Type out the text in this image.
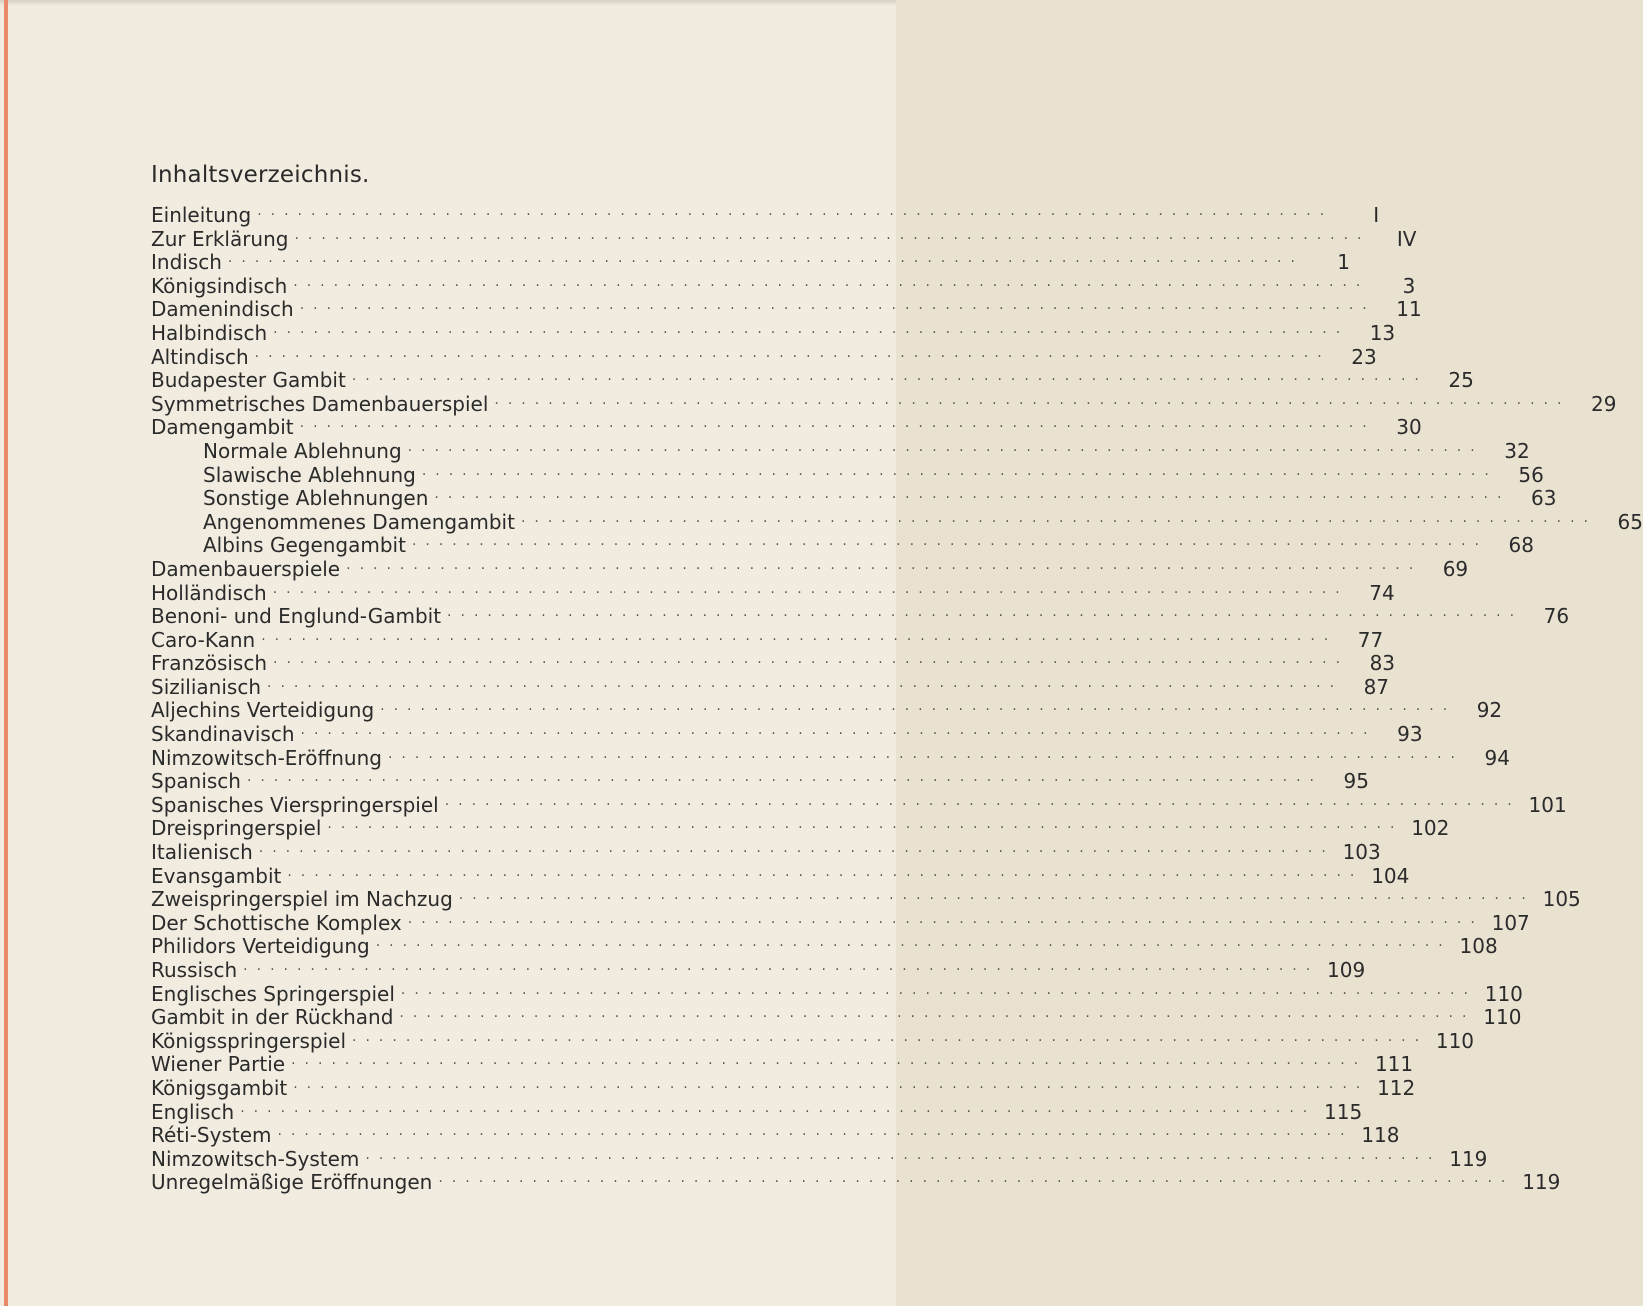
Inhaltsverzeichnis.
Einleitung ················································································	I
Zur Erklärung ················································································	IV
Indisch ················································································	1
Königsindisch ················································································	3
Damenindisch ················································································	11
Halbindisch ················································································	13
Altindisch ················································································	23
Budapester Gambit ················································································	25
Symmetrisches Damenbauerspiel ················································································	29
Damengambit ················································································	30
Normale Ablehnung ················································································	32
Slawische Ablehnung ················································································	56
Sonstige Ablehnungen ················································································	63
Angenommenes Damengambit ················································································	65
Albins Gegengambit ················································································	68
Damenbauerspiele ················································································	69
Holländisch ················································································	74
Benoni- und Englund-Gambit ················································································	76
Caro-Kann ················································································	77
Französisch ················································································	83
Sizilianisch ················································································	87
Aljechins Verteidigung ················································································	92
Skandinavisch ················································································	93
Nimzowitsch-Eröffnung ················································································	94
Spanisch ················································································	95
Spanisches Vierspringerspiel ················································································ 101
Dreispringerspiel ················································································ 102
Italienisch ················································································ 103
Evansgambit ················································································ 104
Zweispringerspiel im Nachzug ················································································ 105
Der Schottische Komplex ················································································ 107
Philidors Verteidigung ················································································ 108
Russisch ················································································ 109
Englisches Springerspiel ················································································ 110
Gambit in der Rückhand ················································································ 110
Königsspringerspiel ················································································ 110
Wiener Partie ················································································ 111
Königsgambit ················································································ 112
Englisch ················································································ 115
Réti-System ················································································ 118
Nimzowitsch-System ················································································ 119
Unregelmäßige Eröffnungen ················································································ 119
